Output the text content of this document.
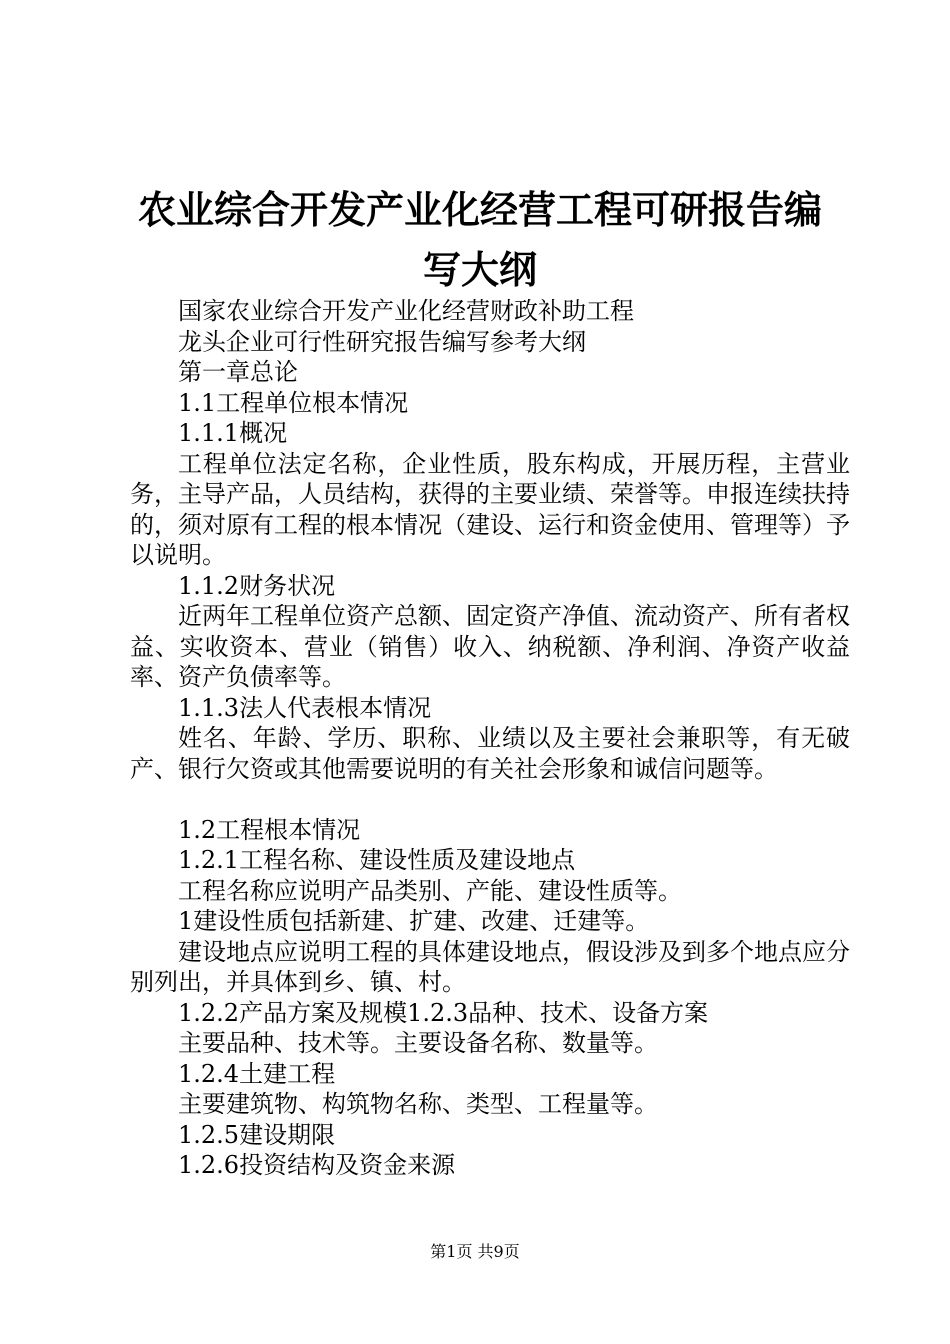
农业综合开发产业化经营工程可研报告编写大纲

国家农业综合开发产业化经营财政补助工程

龙头企业可行性研究报告编写参考大纲

第一章总论

1.1工程单位根本情况

1.1.1概况

工程单位法定名称，企业性质，股东构成，开展历程，主营业务，主导产品，人员结构，获得的主要业绩、荣誉等。申报连续扶持的，须对原有工程的根本情况（建设、运行和资金使用、管理等）予以说明。

1.1.2财务状况

近两年工程单位资产总额、固定资产净值、流动资产、所有者权益、实收资本、营业（销售）收入、纳税额、净利润、净资产收益率、资产负债率等。

1.1.3法人代表根本情况

姓名、年龄、学历、职称、业绩以及主要社会兼职等，有无破产、银行欠资或其他需要说明的有关社会形象和诚信问题等。

1.2工程根本情况

1.2.1工程名称、建设性质及建设地点

工程名称应说明产品类别、产能、建设性质等。

1建设性质包括新建、扩建、改建、迁建等。

建设地点应说明工程的具体建设地点，假设涉及到多个地点应分别列出，并具体到乡、镇、村。

1.2.2产品方案及规模1.2.3品种、技术、设备方案

主要品种、技术等。主要设备名称、数量等。

1.2.4土建工程

主要建筑物、构筑物名称、类型、工程量等。

1.2.5建设期限

1.2.6投资结构及资金来源

第1页 共9页
